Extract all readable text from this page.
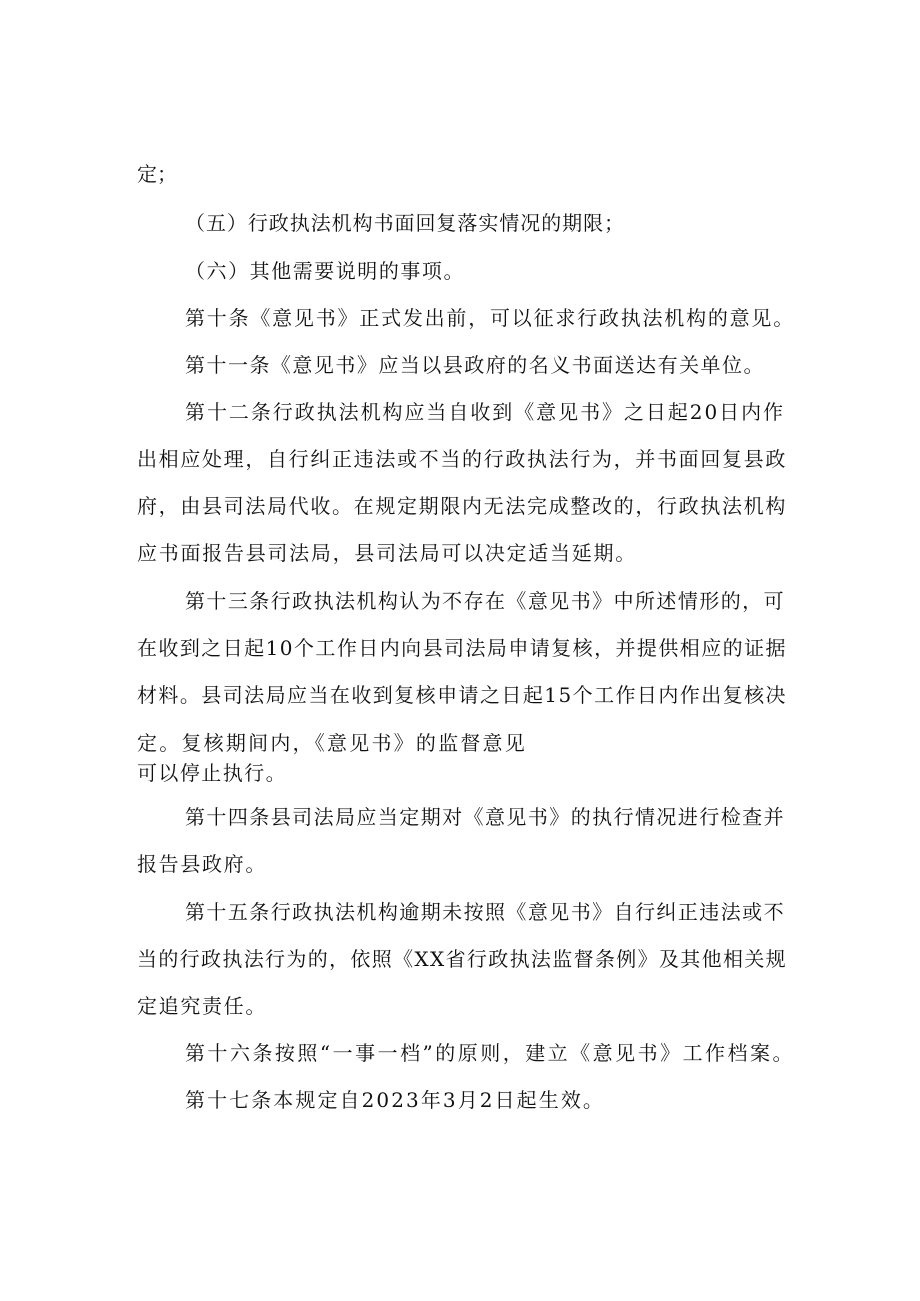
定；
（五）行政执法机构书面回复落实情况的期限；
（六）其他需要说明的事项。
第十条《意见书》正式发出前，可以征求行政执法机构的意见。
第十一条《意见书》应当以县政府的名义书面送达有关单位。
第十二条行政执法机构应当自收到《意见书》之日起20日内作
出相应处理，自行纠正违法或不当的行政执法行为，并书面回复县政
府，由县司法局代收。在规定期限内无法完成整改的，行政执法机构
应书面报告县司法局，县司法局可以决定适当延期。
第十三条行政执法机构认为不存在《意见书》中所述情形的，可
在收到之日起10个工作日内向县司法局申请复核，并提供相应的证据
材料。县司法局应当在收到复核申请之日起15个工作日内作出复核决
定。复核期间内，《意见书》的监督意见
可以停止执行。
第十四条县司法局应当定期对《意见书》的执行情况进行检查并
报告县政府。
第十五条行政执法机构逾期未按照《意见书》自行纠正违法或不
当的行政执法行为的，依照《XX省行政执法监督条例》及其他相关规
定追究责任。
第十六条按照“一事一档”的原则，建立《意见书》工作档案。
第十七条本规定自2023年3月2日起生效。
